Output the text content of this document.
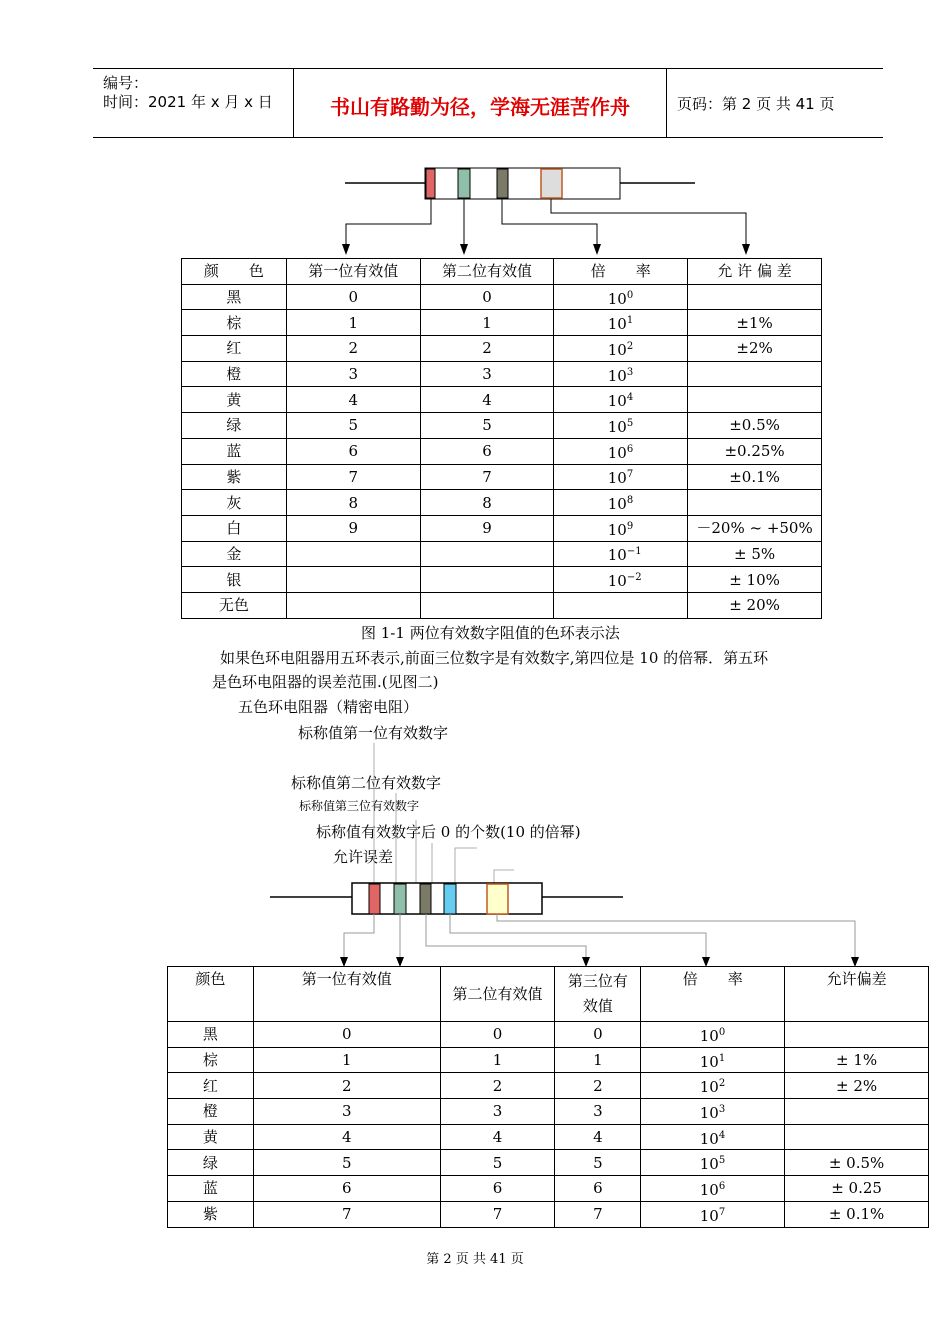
编号：
时间：2021 年 x 月 x 日	书山有路勤为径，学海无涯苦作舟	页码：第 2 页 共 41 页
颜　　色	第一位有效值	第二位有效值	倍　　率	允 许 偏 差
黑	0	0	$10^0$	
棕	1	1	$10^1$	±1%
红	2	2	$10^2$	±2%
橙	3	3	$10^3$	
黄	4	4	$10^4$	
绿	5	5	$10^5$	±0.5%
蓝	6	6	$10^6$	±0.25%
紫	7	7	$10^7$	±0.1%
灰	8	8	$10^8$	
白	9	9	$10^9$	－20% ~ +50%
金			$10^{-1}$	± 5%
银			$10^{-2}$	± 10%
无色				± 20%
图 1-1 两位有效数字阻值的色环表示法
如果色环电阻器用五环表示,前面三位数字是有效数字,第四位是 10 的倍幂．第五环
是色环电阻器的误差范围.(见图二)
五色环电阻器（精密电阻）
标称值第一位有效数字
标称值第二位有效数字
标称值第三位有效数字
标称值有效数字后 0 的个数(10 的倍幂)
允许误差
颜色	第一位有效值	第二位有效值	第三位有效值	倍　　率	允许偏差
黑	0	0	0	$10^0$	
棕	1	1	1	$10^1$	± 1%
红	2	2	2	$10^2$	± 2%
橙	3	3	3	$10^3$	
黄	4	4	4	$10^4$	
绿	5	5	5	$10^5$	± 0.5%
蓝	6	6	6	$10^6$	± 0.25
紫	7	7	7	$10^7$	± 0.1%
第 2 页 共 41 页
